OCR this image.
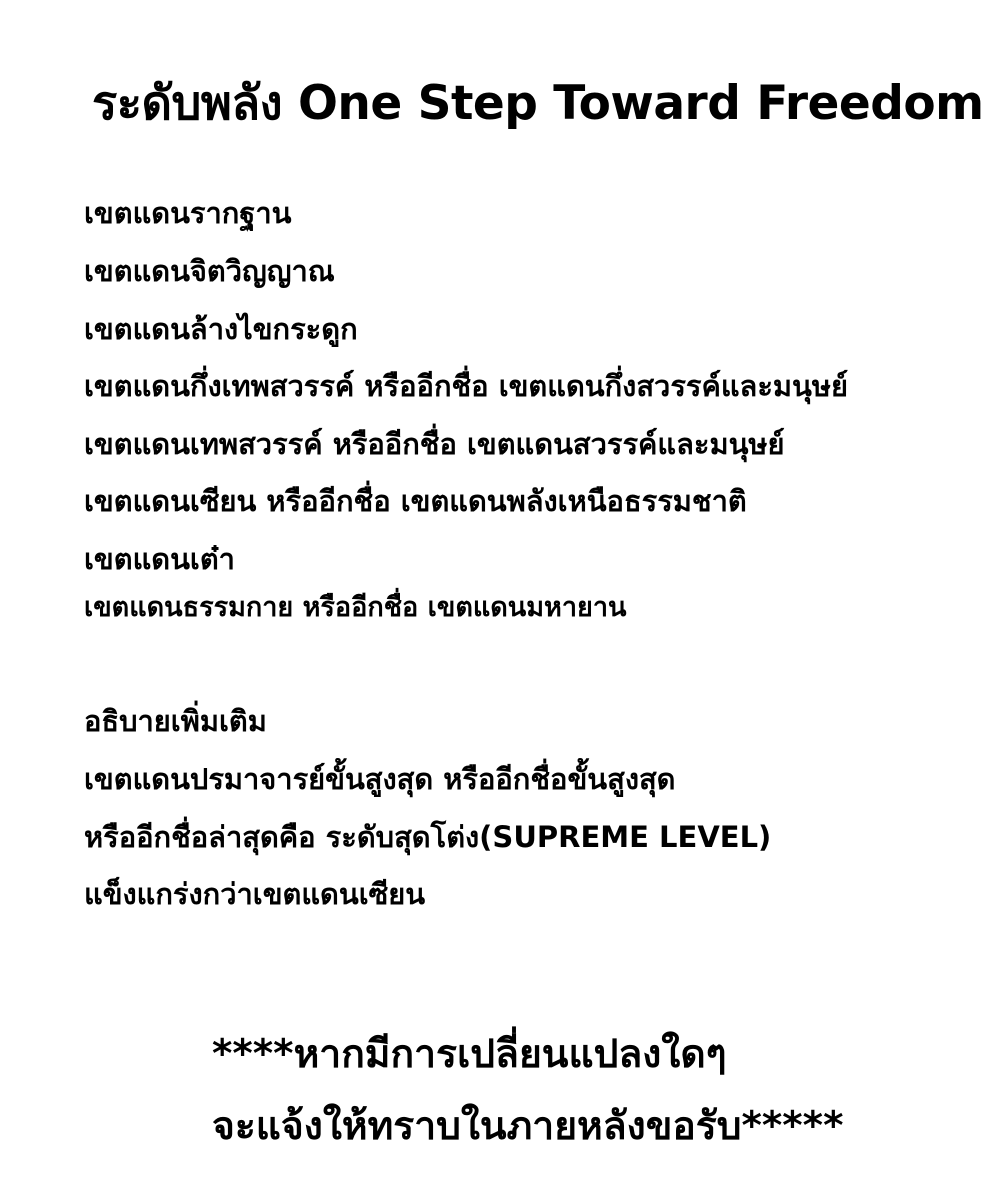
ระดับพลัง One Step Toward Freedom

เขตแดนรากฐาน

เขตแดนจิตวิญญาณ

เขตแดนล้างไขกระดูก

เขตแดนกึ่งเทพสวรรค์ หรืออีกชื่อ เขตแดนกึ่งสวรรค์และมนุษย์

เขตแดนเทพสวรรค์ หรืออีกชื่อ เขตแดนสวรรค์และมนุษย์

เขตแดนเซียน หรืออีกชื่อ เขตแดนพลังเหนือธรรมชาติ

เขตแดนเต๋า

เขตแดนธรรมกาย หรืออีกชื่อ เขตแดนมหายาน

อธิบายเพิ่มเติม

เขตแดนปรมาจารย์ขั้นสูงสุด หรืออีกชื่อขั้นสูงสุด

หรืออีกชื่อล่าสุดคือ ระดับสุดโต่ง(SUPREME LEVEL)

แข็งแกร่งกว่าเขตแดนเซียน

****หากมีการเปลี่ยนแปลงใดๆ

จะแจ้งให้ทราบในภายหลังขอรับ*****
